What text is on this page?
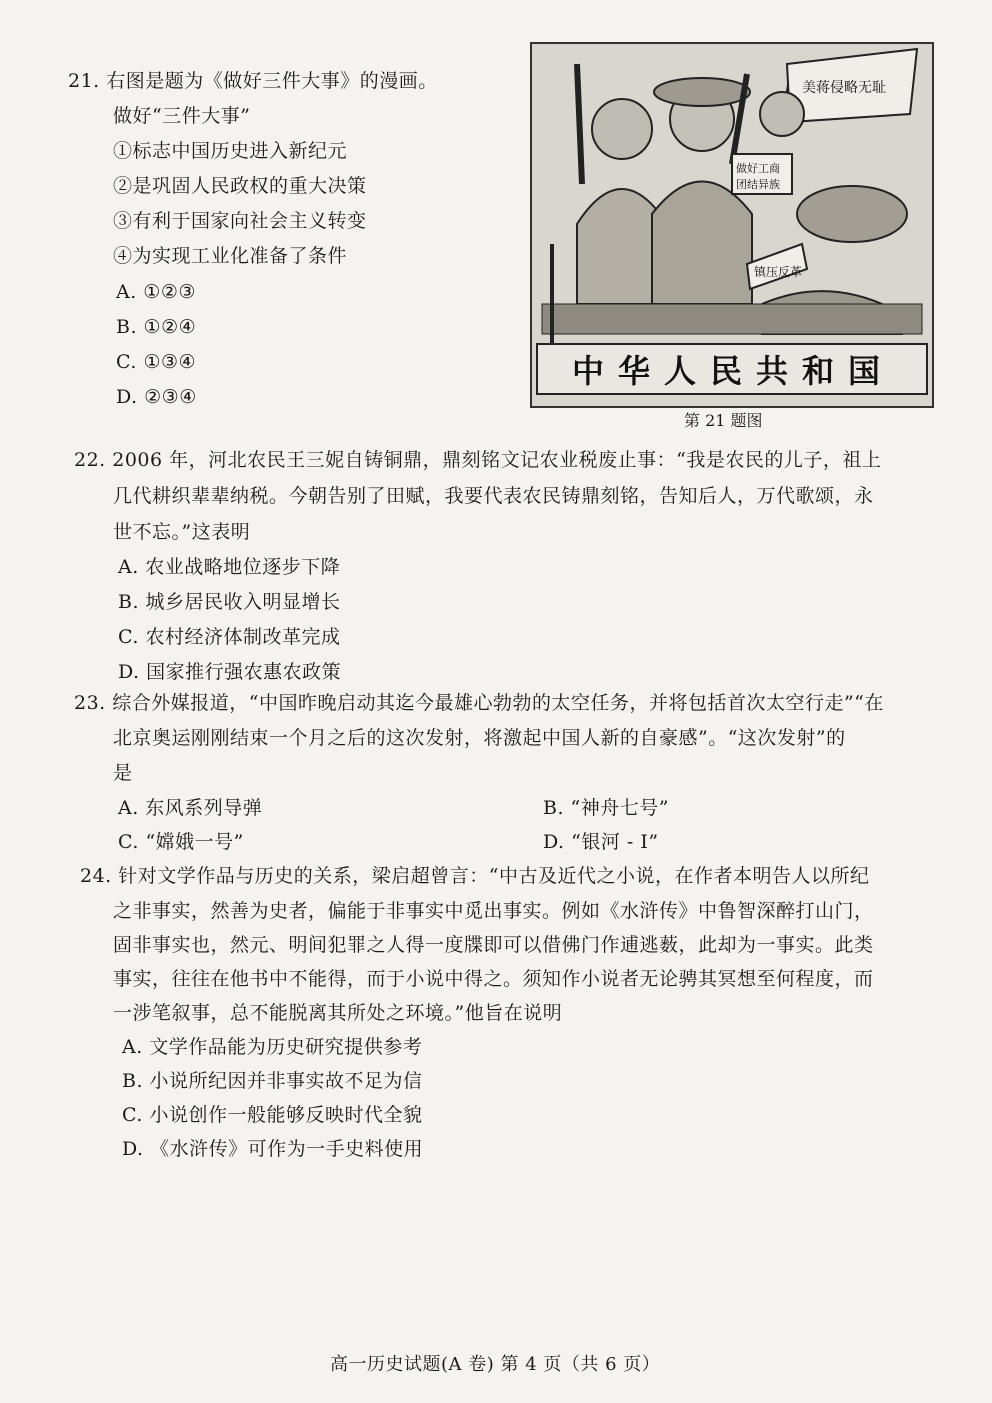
21. 右图是题为《做好三件大事》的漫画。
做好“三件大事”
①标志中国历史进入新纪元
②是巩固人民政权的重大决策
③有利于国家向社会主义转变
④为实现工业化准备了条件
A. ①②③
B. ①②④
C. ①③④
D. ②③④
美蒋侵略无耻
做好工商
团结异族
镇压反革
中华人民共和国
第 21 题图
22. 2006 年，河北农民王三妮自铸铜鼎，鼎刻铭文记农业税废止事：“我是农民的儿子，祖上
几代耕织辈辈纳税。今朝告别了田赋，我要代表农民铸鼎刻铭，告知后人，万代歌颂，永
世不忘。”这表明
A. 农业战略地位逐步下降
B. 城乡居民收入明显增长
C. 农村经济体制改革完成
D. 国家推行强农惠农政策
23. 综合外媒报道，“中国昨晚启动其迄今最雄心勃勃的太空任务，并将包括首次太空行走”“在
北京奥运刚刚结束一个月之后的这次发射，将激起中国人新的自豪感”。“这次发射”的
是
A. 东风系列导弹	B. “神舟七号”
C. “嫦娥一号”	D. “银河 - Ⅰ”
24. 针对文学作品与历史的关系，梁启超曾言：“中古及近代之小说，在作者本明告人以所纪
之非事实，然善为史者，偏能于非事实中觅出事实。例如《水浒传》中鲁智深醉打山门，
固非事实也，然元、明间犯罪之人得一度牒即可以借佛门作逋逃薮，此却为一事实。此类
事实，往往在他书中不能得，而于小说中得之。须知作小说者无论骋其冥想至何程度，而
一涉笔叙事，总不能脱离其所处之环境。”他旨在说明
A. 文学作品能为历史研究提供参考
B. 小说所纪因并非事实故不足为信
C. 小说创作一般能够反映时代全貌
D. 《水浒传》可作为一手史料使用
高一历史试题(A 卷) 第 4 页（共 6 页）
